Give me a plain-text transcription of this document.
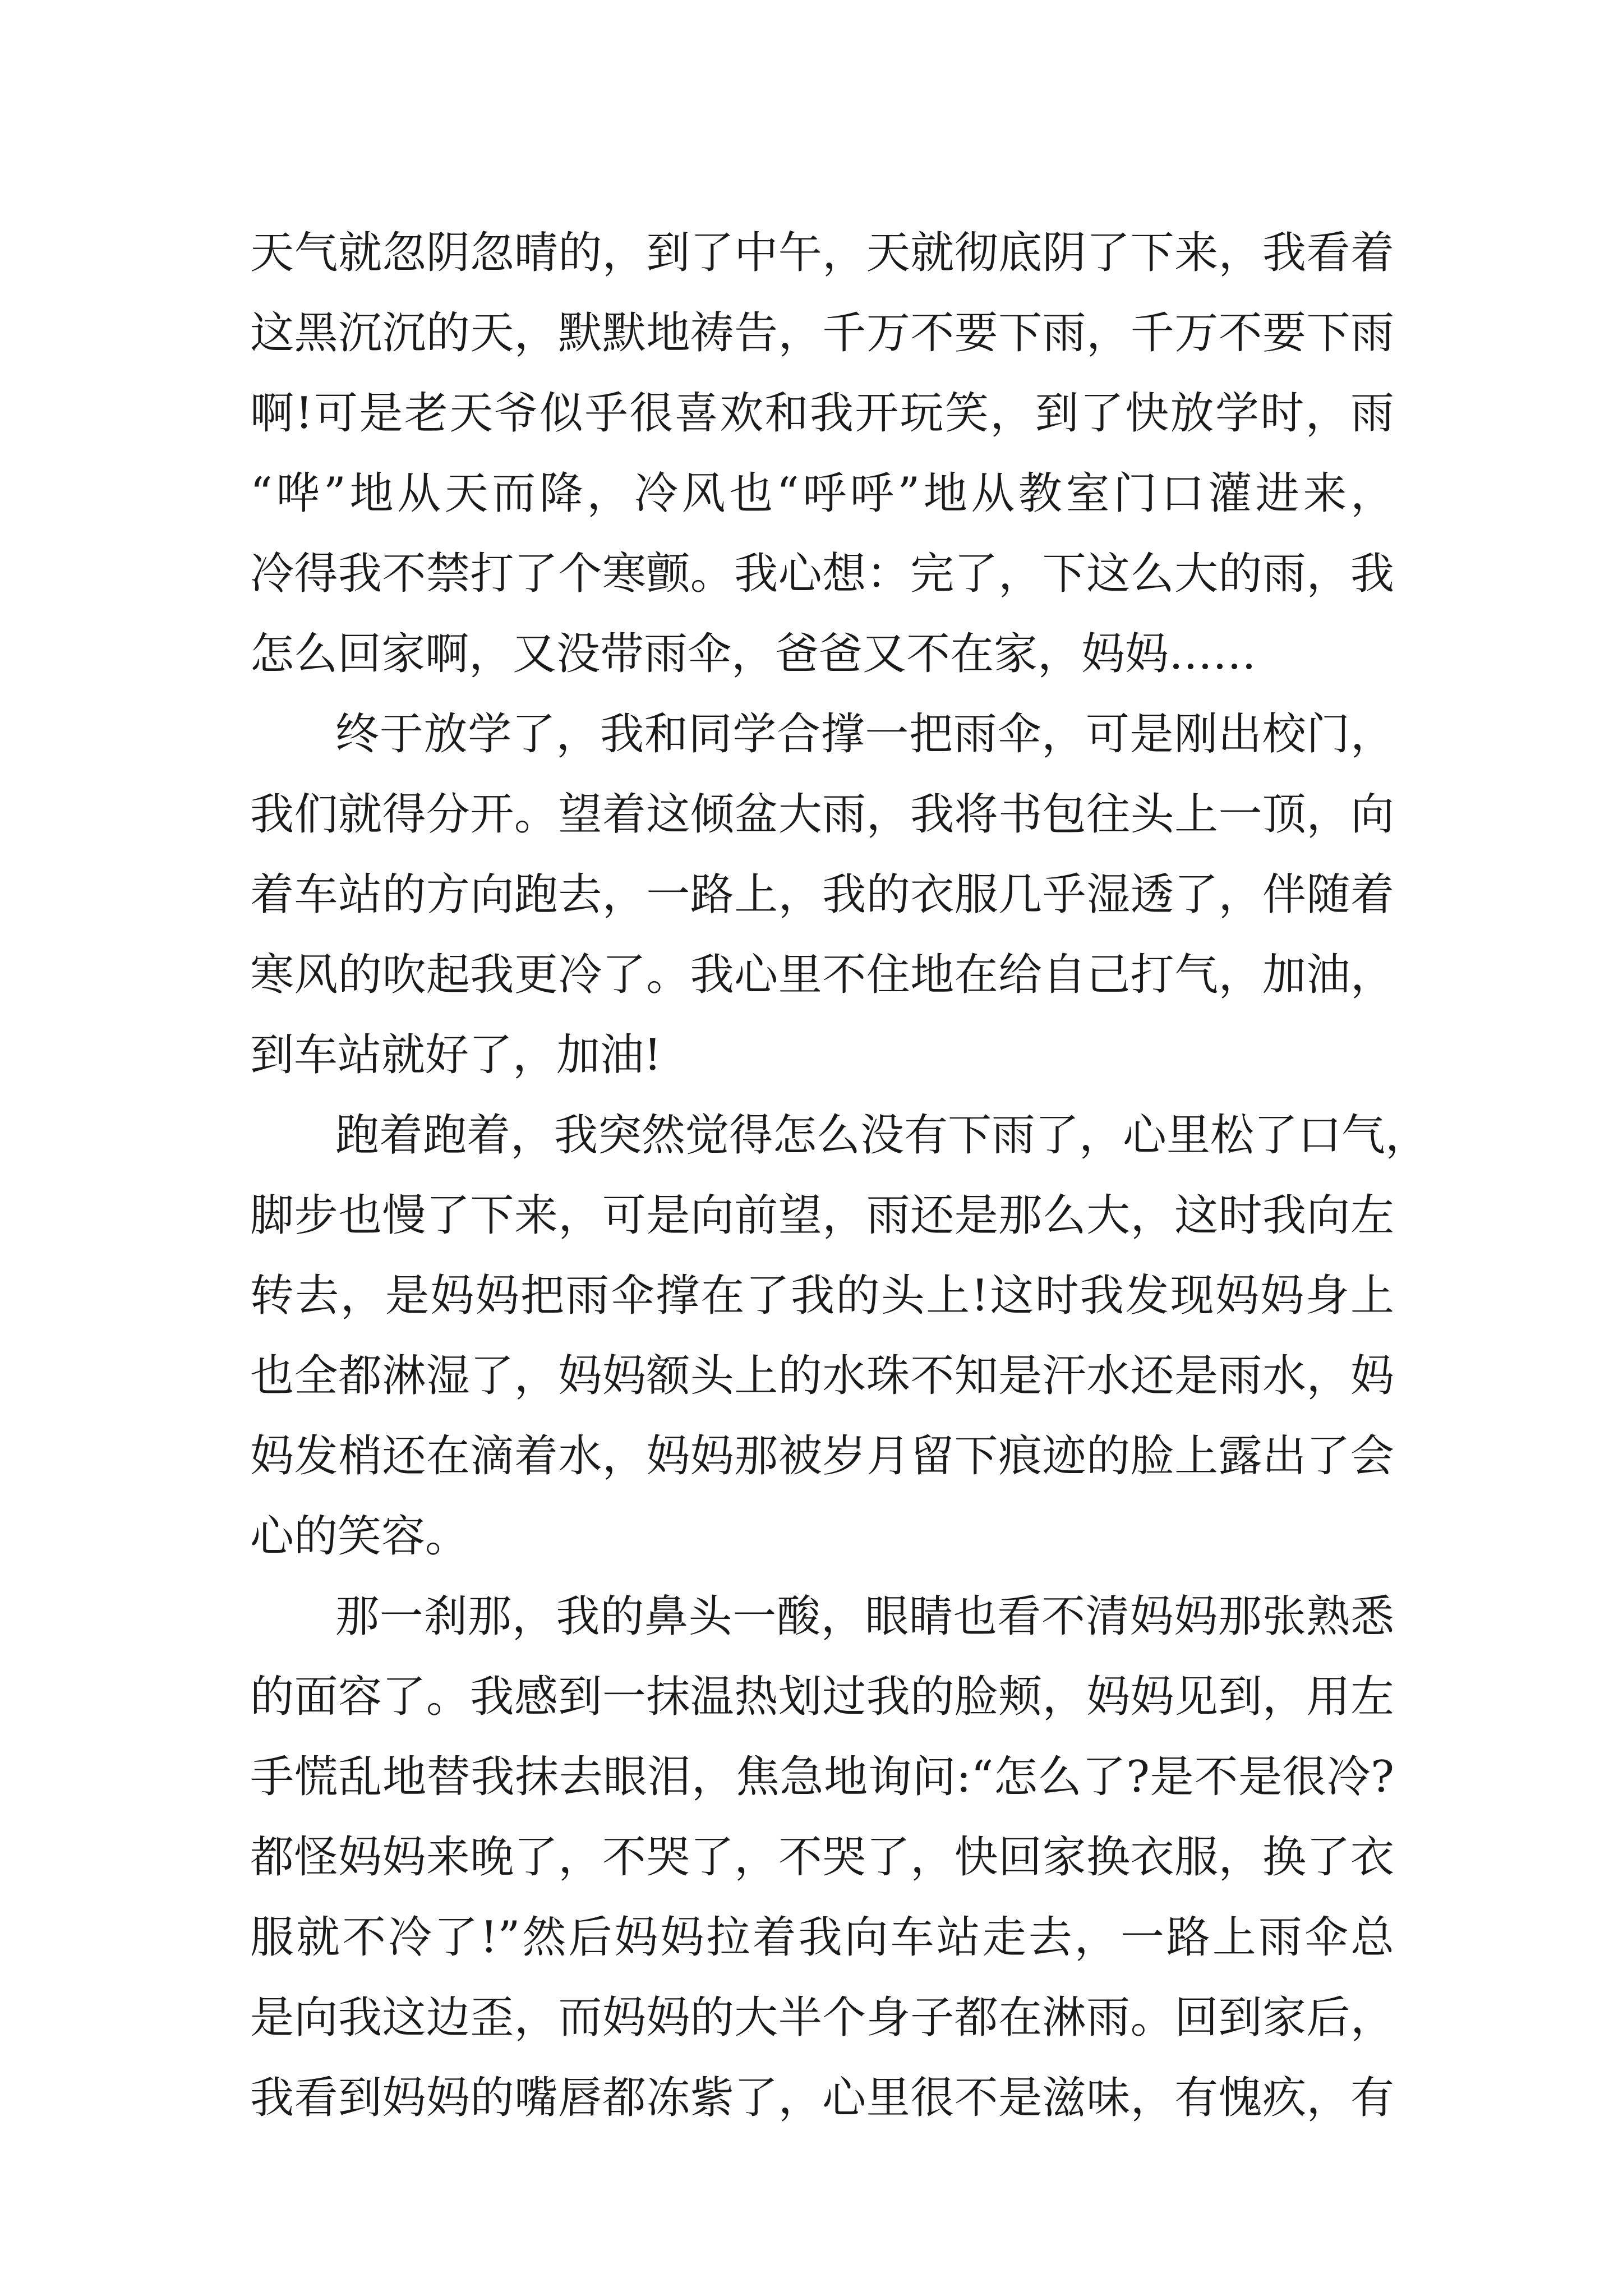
天气就忽阴忽晴的，到了中午，天就彻底阴了下来，我看着
这黑沉沉的天，默默地祷告，千万不要下雨，千万不要下雨
啊!可是老天爷似乎很喜欢和我开玩笑，到了快放学时，雨
“哗”地从天而降，冷风也“呼呼”地从教室门口灌进来，
冷得我不禁打了个寒颤。我心想：完了，下这么大的雨，我
怎么回家啊，又没带雨伞，爸爸又不在家，妈妈……
终于放学了，我和同学合撑一把雨伞，可是刚出校门，
我们就得分开。望着这倾盆大雨，我将书包往头上一顶，向
着车站的方向跑去，一路上，我的衣服几乎湿透了，伴随着
寒风的吹起我更冷了。我心里不住地在给自己打气，加油，
到车站就好了，加油!
跑着跑着，我突然觉得怎么没有下雨了，心里松了口气，
脚步也慢了下来，可是向前望，雨还是那么大，这时我向左
转去，是妈妈把雨伞撑在了我的头上!这时我发现妈妈身上
也全都淋湿了，妈妈额头上的水珠不知是汗水还是雨水，妈
妈发梢还在滴着水，妈妈那被岁月留下痕迹的脸上露出了会
心的笑容。
那一刹那，我的鼻头一酸，眼睛也看不清妈妈那张熟悉
的面容了。我感到一抹温热划过我的脸颊，妈妈见到，用左
手慌乱地替我抹去眼泪，焦急地询问:“怎么了?是不是很冷?
都怪妈妈来晚了，不哭了，不哭了，快回家换衣服，换了衣
服就不冷了!”然后妈妈拉着我向车站走去，一路上雨伞总
是向我这边歪，而妈妈的大半个身子都在淋雨。回到家后，
我看到妈妈的嘴唇都冻紫了，心里很不是滋味，有愧疚，有
